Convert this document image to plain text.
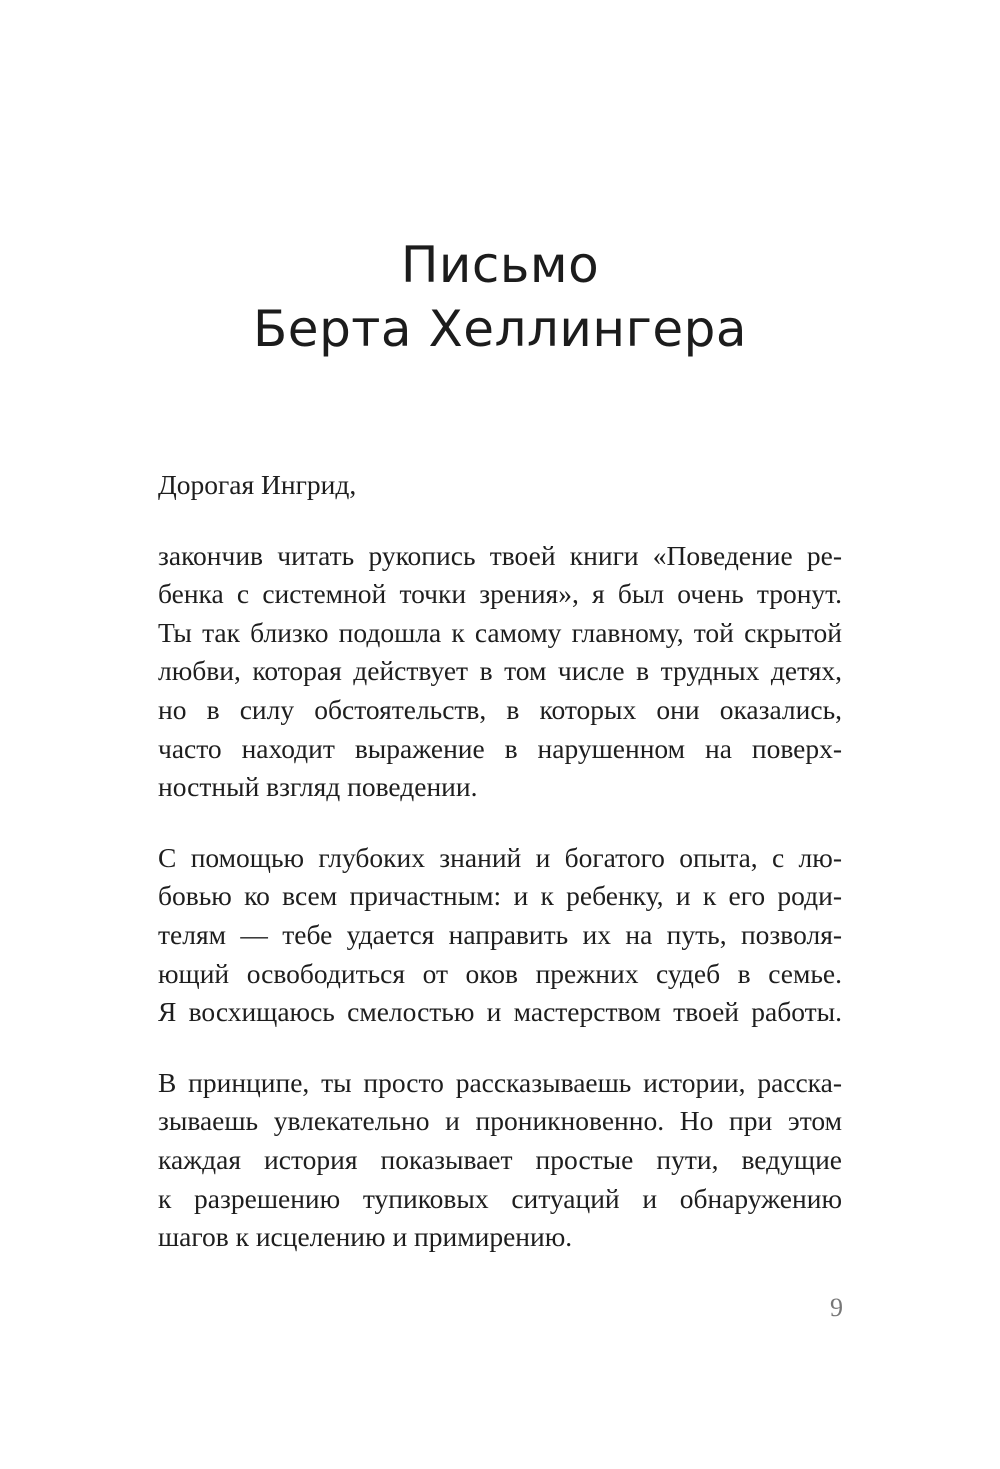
Письмо
Берта Хеллингера

Дорогая Ингрид,

закончив читать рукопись твоей книги «Поведение ре-

бенка с системной точки зрения», я был очень тронут.

Ты так близко подошла к самому главному, той скрытой

любви, которая действует в том числе в трудных детях,

но в силу обстоятельств, в которых они оказались,

часто находит выражение в нарушенном на поверх-

ностный взгляд поведении.

С помощью глубоких знаний и богатого опыта, с лю-

бовью ко всем причастным: и к ребенку, и к его роди-

телям — тебе удается направить их на путь, позволя-

ющий освободиться от оков прежних судеб в семье.

Я восхищаюсь смелостью и мастерством твоей работы.

В принципе, ты просто рассказываешь истории, расска-

зываешь увлекательно и проникновенно. Но при этом

каждая история показывает простые пути, ведущие

к разрешению тупиковых ситуаций и обнаружению

шагов к исцелению и примирению.

9
